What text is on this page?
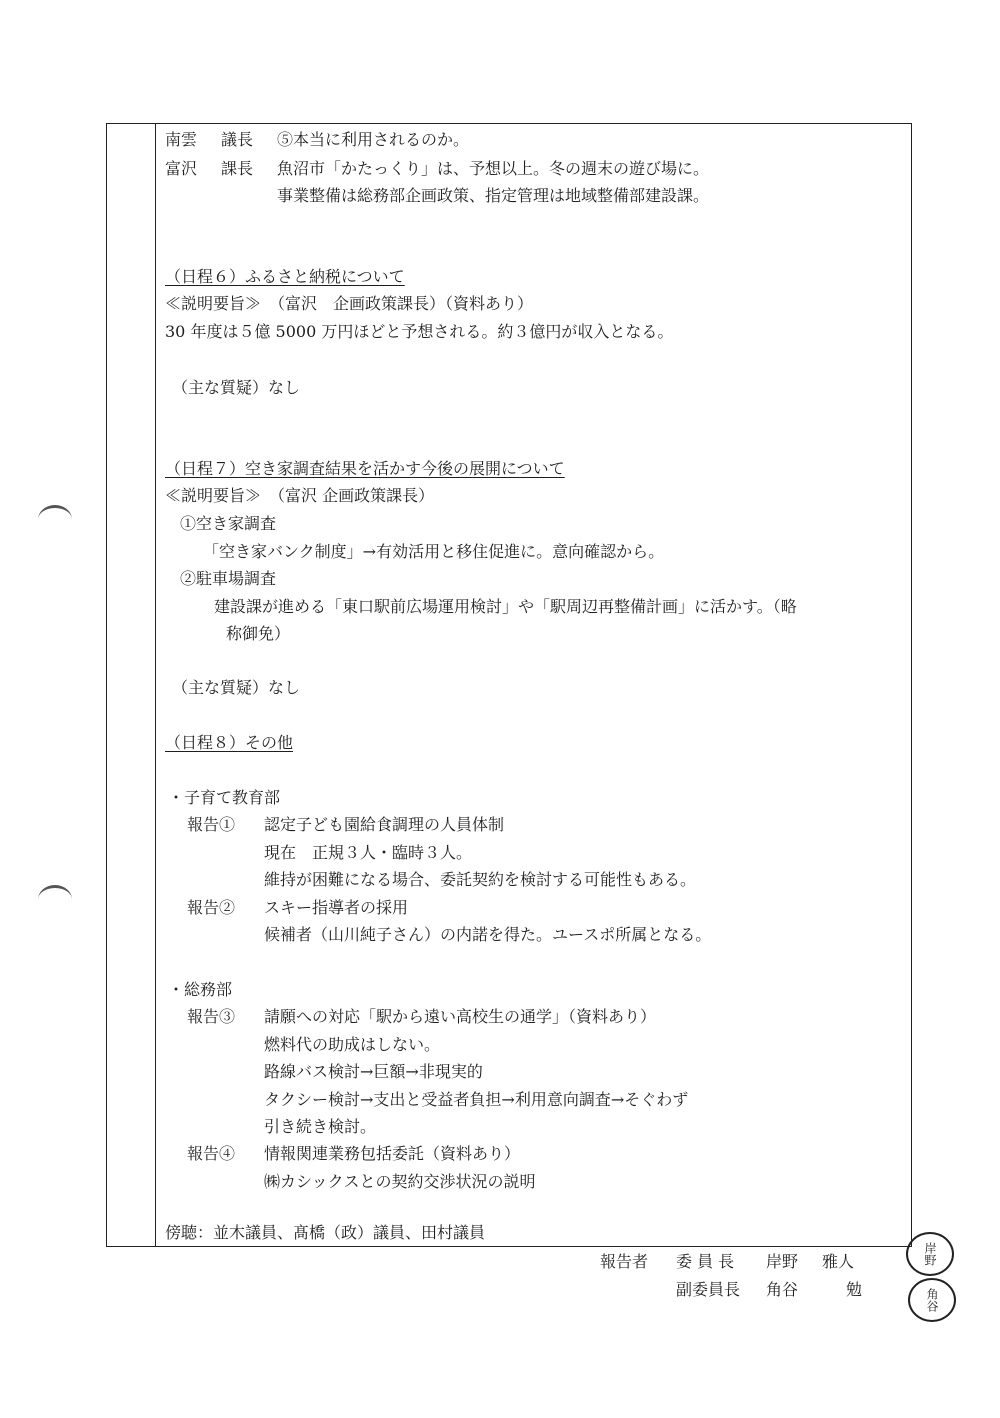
南雲 議長 ⑤本当に利用されるのか。
富沢 課長 魚沼市「かたっくり」は、予想以上。冬の週末の遊び場に。
事業整備は総務部企画政策、指定管理は地域整備部建設課。
（日程６）ふるさと納税について
≪説明要旨≫　（富沢　企画政策課長）（資料あり）
30 年度は５億 5000 万円ほどと予想される。約３億円が収入となる。
（主な質疑）なし
（日程７）空き家調査結果を活かす今後の展開について
≪説明要旨≫　（富沢 企画政策課長）
①空き家調査
「空き家バンク制度」→有効活用と移住促進に。意向確認から。
②駐車場調査
建設課が進める「東口駅前広場運用検討」や「駅周辺再整備計画」に活かす。（略
称御免）
（主な質疑）なし
（日程８）その他
・子育て教育部
報告① 認定子ども園給食調理の人員体制
現在　正規３人・臨時３人。
維持が困難になる場合、委託契約を検討する可能性もある。
報告② スキー指導者の採用
候補者（山川純子さん）の内諾を得た。ユースポ所属となる。
・総務部
報告③ 請願への対応「駅から遠い高校生の通学」（資料あり）
燃料代の助成はしない。
路線バス検討→巨額→非現実的
タクシー検討→支出と受益者負担→利用意向調査→そぐわず
引き続き検討。
報告④ 情報関連業務包括委託（資料あり）
㈱カシックスとの契約交渉状況の説明
傍聴：並木議員、髙橋（政）議員、田村議員
報告者 委 員 長 岸野 雅人
副委員長 角谷	勉
岸野
角谷
